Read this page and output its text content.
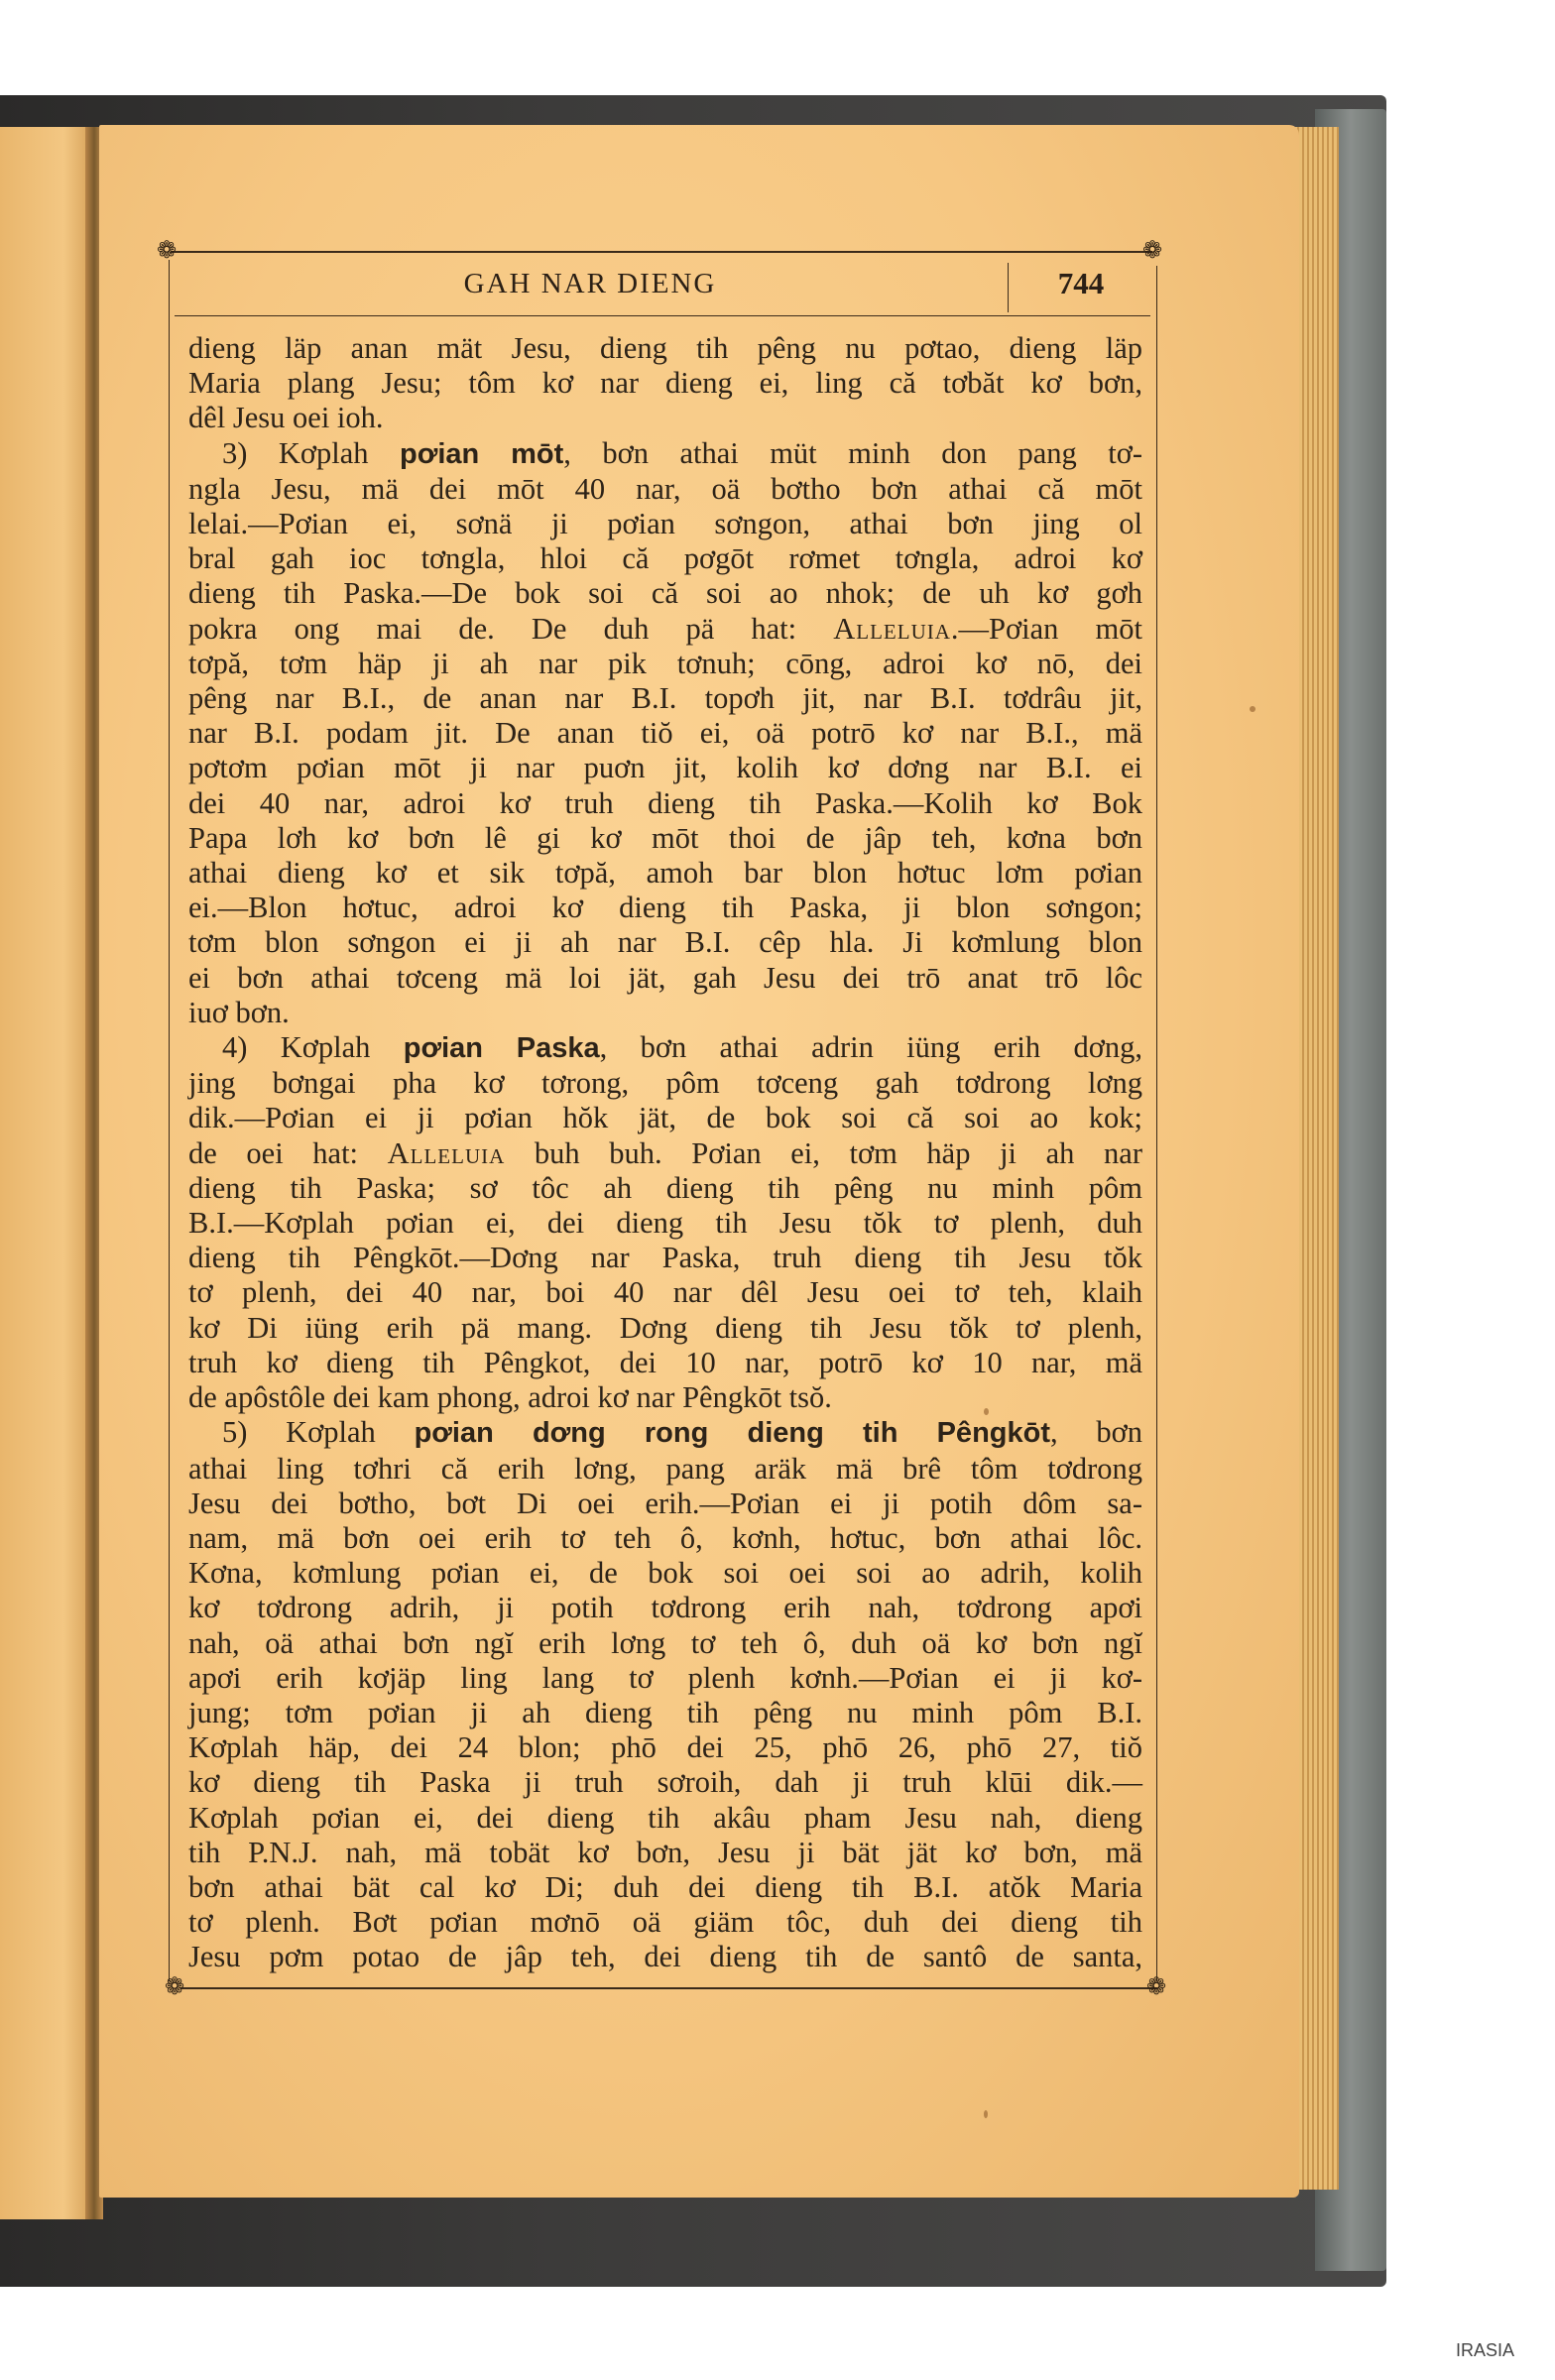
❁	❁
❁	❁
GAH NAR DIENG	744
dieng läp anan mät Jesu, dieng tih pêng nu pơtao, dieng läp
Maria plang Jesu; tôm kơ nar dieng ei, ling că tơbăt kơ bơn,
dêl Jesu oei ioh.
3) Kơplah pơian mōt, bơn athai müt minh don pang tơ-
ngla Jesu, mä dei mōt 40 nar, oä bơtho bơn athai că mōt
lelai.—Pơian ei, sơnä ji pơian sơngon, athai bơn jing ol
bral gah ioc tơngla, hloi că pơgōt rơmet tơngla, adroi kơ
dieng tih Paska.—De bok soi că soi ao nhok; de uh kơ gơh
pokra ong mai de. De duh pä hat: Alleluia.—Pơian mōt
tơpă, tơm häp ji ah nar pik tơnuh; cōng, adroi kơ nō, dei
pêng nar B.I., de anan nar B.I. topơh jit, nar B.I. tơdrâu jit,
nar B.I. podam jit. De anan tiŏ ei, oä potrō kơ nar B.I., mä
pơtơm pơian mōt ji nar puơn jit, kolih kơ dơng nar B.I. ei
dei 40 nar, adroi kơ truh dieng tih Paska.—Kolih kơ Bok
Papa lơh kơ bơn lê gi kơ mōt thoi de jâp teh, kơna bơn
athai dieng kơ et sik tơpă, amoh bar blon hơtuc lơm pơian
ei.—Blon hơtuc, adroi kơ dieng tih Paska, ji blon sơngon;
tơm blon sơngon ei ji ah nar B.I. cêp hla. Ji kơmlung blon
ei bơn athai tơceng mä loi jät, gah Jesu dei trō anat trō lôc
iuơ bơn.
4) Kơplah pơian Paska, bơn athai adrin iüng erih dơng,
jing bơngai pha kơ tơrong, pôm tơceng gah tơdrong lơng
dik.—Pơian ei ji pơian hŏk jät, de bok soi că soi ao kok;
de oei hat: Alleluia buh buh. Pơian ei, tơm häp ji ah nar
dieng tih Paska; sơ tôc ah dieng tih pêng nu minh pôm
B.I.—Kơplah pơian ei, dei dieng tih Jesu tŏk tơ plenh, duh
dieng tih Pêngkōt.—Dơng nar Paska, truh dieng tih Jesu tŏk
tơ plenh, dei 40 nar, boi 40 nar dêl Jesu oei tơ teh, klaih
kơ Di iüng erih pä mang. Dơng dieng tih Jesu tŏk tơ plenh,
truh kơ dieng tih Pêngkot, dei 10 nar, potrō kơ 10 nar, mä
de apôstôle dei kam phong, adroi kơ nar Pêngkōt tsŏ.
5) Kơplah pơian dơng rong dieng tih Pêngkōt, bơn
athai ling tơhri că erih lơng, pang aräk mä brê tôm tơdrong
Jesu dei bơtho, bơt Di oei erih.—Pơian ei ji potih dôm sa-
nam, mä bơn oei erih tơ teh ô, kơnh, hơtuc, bơn athai lôc.
Kơna, kơmlung pơian ei, de bok soi oei soi ao adrih, kolih
kơ tơdrong adrih, ji potih tơdrong erih nah, tơdrong apơi
nah, oä athai bơn ngĭ erih lơng tơ teh ô, duh oä kơ bơn ngĭ
apơi erih kơjäp ling lang tơ plenh kơnh.—Pơian ei ji kơ-
jung; tơm pơian ji ah dieng tih pêng nu minh pôm B.I.
Kơplah häp, dei 24 blon; phō dei 25, phō 26, phō 27, tiŏ
kơ dieng tih Paska ji truh sơroih, dah ji truh klūi dik.—
Kơplah pơian ei, dei dieng tih akâu pham Jesu nah, dieng
tih P.N.J. nah, mä tobät kơ bơn, Jesu ji bät jät kơ bơn, mä
bơn athai bät cal kơ Di; duh dei dieng tih B.I. atŏk Maria
tơ plenh. Bơt pơian mơnō oä giäm tôc, duh dei dieng tih
Jesu pơm potao de jâp teh, dei dieng tih de santô de santa,
IRASIA
